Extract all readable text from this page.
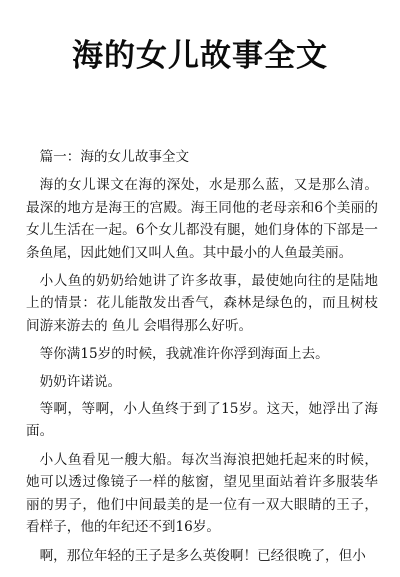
海的女儿故事全文

篇一：海的女儿故事全文

海的女儿课文在海的深处，水是那么蓝，又是那么清。最深的地方是海王的宫殿。海王同他的老母亲和6个美丽的女儿生活在一起。6个女儿都没有腿，她们身体的下部是一条鱼尾，因此她们又叫人鱼。其中最小的人鱼最美丽。

小人鱼的奶奶给她讲了许多故事，最使她向往的是陆地上的情景：花儿能散发出香气，森林是绿色的，而且树枝间游来游去的 鱼儿 会唱得那么好听。

等你满15岁的时候，我就准许你浮到海面上去。

奶奶许诺说。

等啊，等啊，小人鱼终于到了15岁。这天，她浮出了海面。

小人鱼看见一艘大船。每次当海浪把她托起来的时候，她可以透过像镜子一样的舷窗，望见里面站着许多服装华丽的男子，他们中间最美的是一位有一双大眼睛的王子，看样子，他的年纪还不到16岁。

啊，那位年轻的王子是多么英俊啊！已经很晚了，但小
